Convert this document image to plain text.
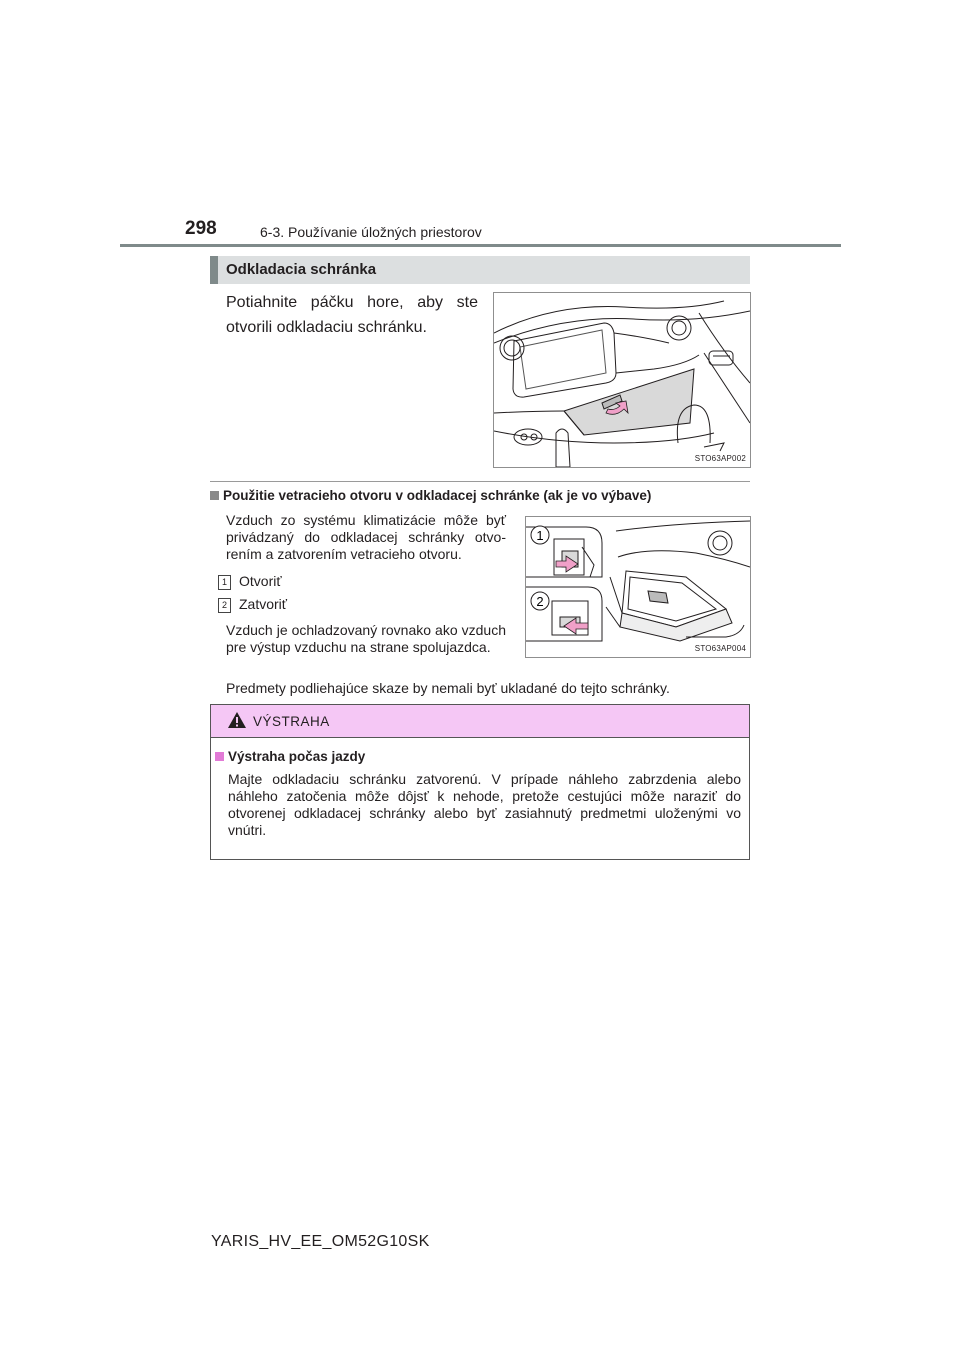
298	6-3. Používanie úložných priestorov
Odkladacia schránka
Potiahnite páčku hore, aby ste otvorili odkladaciu schránku.
STO63AP002
Použitie vetracieho otvoru v odkladacej schránke (ak je vo výbave)
Vzduch zo systému klimatizácie môže byť privádzaný do odkladacej schránky otvo-rením a zatvorením vetracieho otvoru.
1 Otvoriť
2 Zatvoriť
Vzduch je ochladzovaný rovnako ako vzduch pre výstup vzduchu na strane spolujazdca.
1
2
STO63AP004
Predmety podliehajúce skaze by nemali byť ukladané do tejto schránky.
VÝSTRAHA
Výstraha počas jazdy
Majte odkladaciu schránku zatvorenú. V prípade náhleho zabrzdenia alebo náhleho zatočenia môže dôjsť k nehode, pretože cestujúci môže naraziť do otvorenej odkladacej schránky alebo byť zasiahnutý predmetmi uloženými vo vnútri.
YARIS_HV_EE_OM52G10SK
